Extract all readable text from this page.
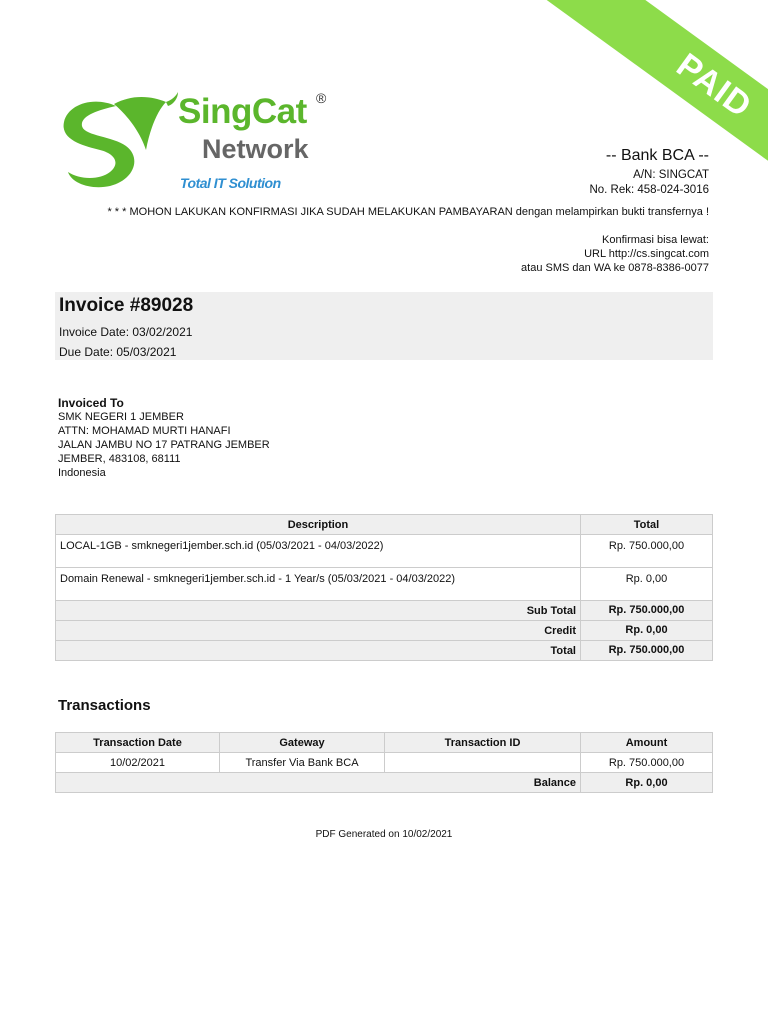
PAID
SingCat ®
Network
Total IT Solution
-- Bank BCA --
A/N: SINGCAT
No. Rek: 458-024-3016
* * * MOHON LAKUKAN KONFIRMASI JIKA SUDAH MELAKUKAN PAMBAYARAN dengan melampirkan bukti transfernya !
Konfirmasi bisa lewat:
URL http://cs.singcat.com
atau SMS dan WA ke 0878-8386-0077
Invoice #89028
Invoice Date: 03/02/2021
Due Date: 05/03/2021
Invoiced To
SMK NEGERI 1 JEMBER
ATTN: MOHAMAD MURTI HANAFI
JALAN JAMBU NO 17 PATRANG JEMBER
JEMBER, 483108, 68111
Indonesia
Description	Total
LOCAL-1GB - smknegeri1jember.sch.id (05/03/2021 - 04/03/2022)	Rp. 750.000,00
Domain Renewal - smknegeri1jember.sch.id - 1 Year/s (05/03/2021 - 04/03/2022)	Rp. 0,00
Sub Total	Rp. 750.000,00
Credit	Rp. 0,00
Total	Rp. 750.000,00
Transactions
Transaction Date	Gateway	Transaction ID	Amount
10/02/2021	Transfer Via Bank BCA		Rp. 750.000,00
Balance			Rp. 0,00
PDF Generated on 10/02/2021
